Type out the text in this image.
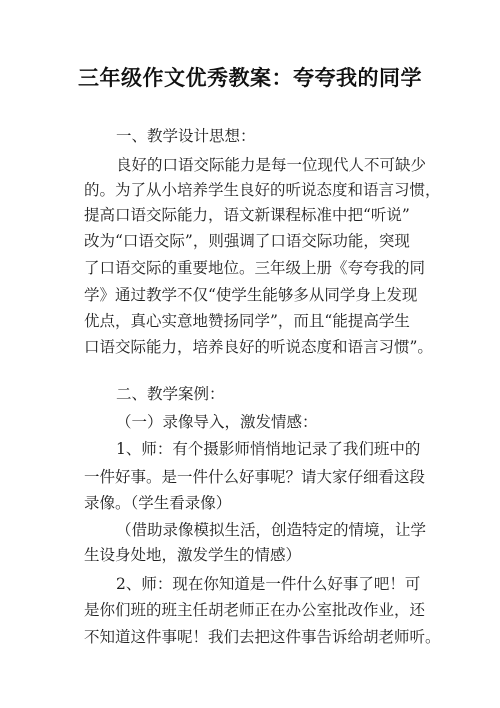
三年级作文优秀教案：夸夸我的同学
一、教学设计思想：
良好的口语交际能力是每一位现代人不可缺少
的。为了从小培养学生良好的听说态度和语言习惯，
提高口语交际能力，语文新课程标准中把“听说”
改为“口语交际”，则强调了口语交际功能，突现
了口语交际的重要地位。三年级上册《夸夸我的同
学》通过教学不仅“使学生能够多从同学身上发现
优点，真心实意地赞扬同学”，而且“能提高学生
口语交际能力，培养良好的听说态度和语言习惯”。
二、教学案例：
（一）录像导入，激发情感：
1、师：有个摄影师悄悄地记录了我们班中的
一件好事。是一件什么好事呢？请大家仔细看这段
录像。（学生看录像）
（借助录像模拟生活，创造特定的情境，让学
生设身处地，激发学生的情感）
2、师：现在你知道是一件什么好事了吧！可
是你们班的班主任胡老师正在办公室批改作业，还
不知道这件事呢！我们去把这件事告诉给胡老师听。
